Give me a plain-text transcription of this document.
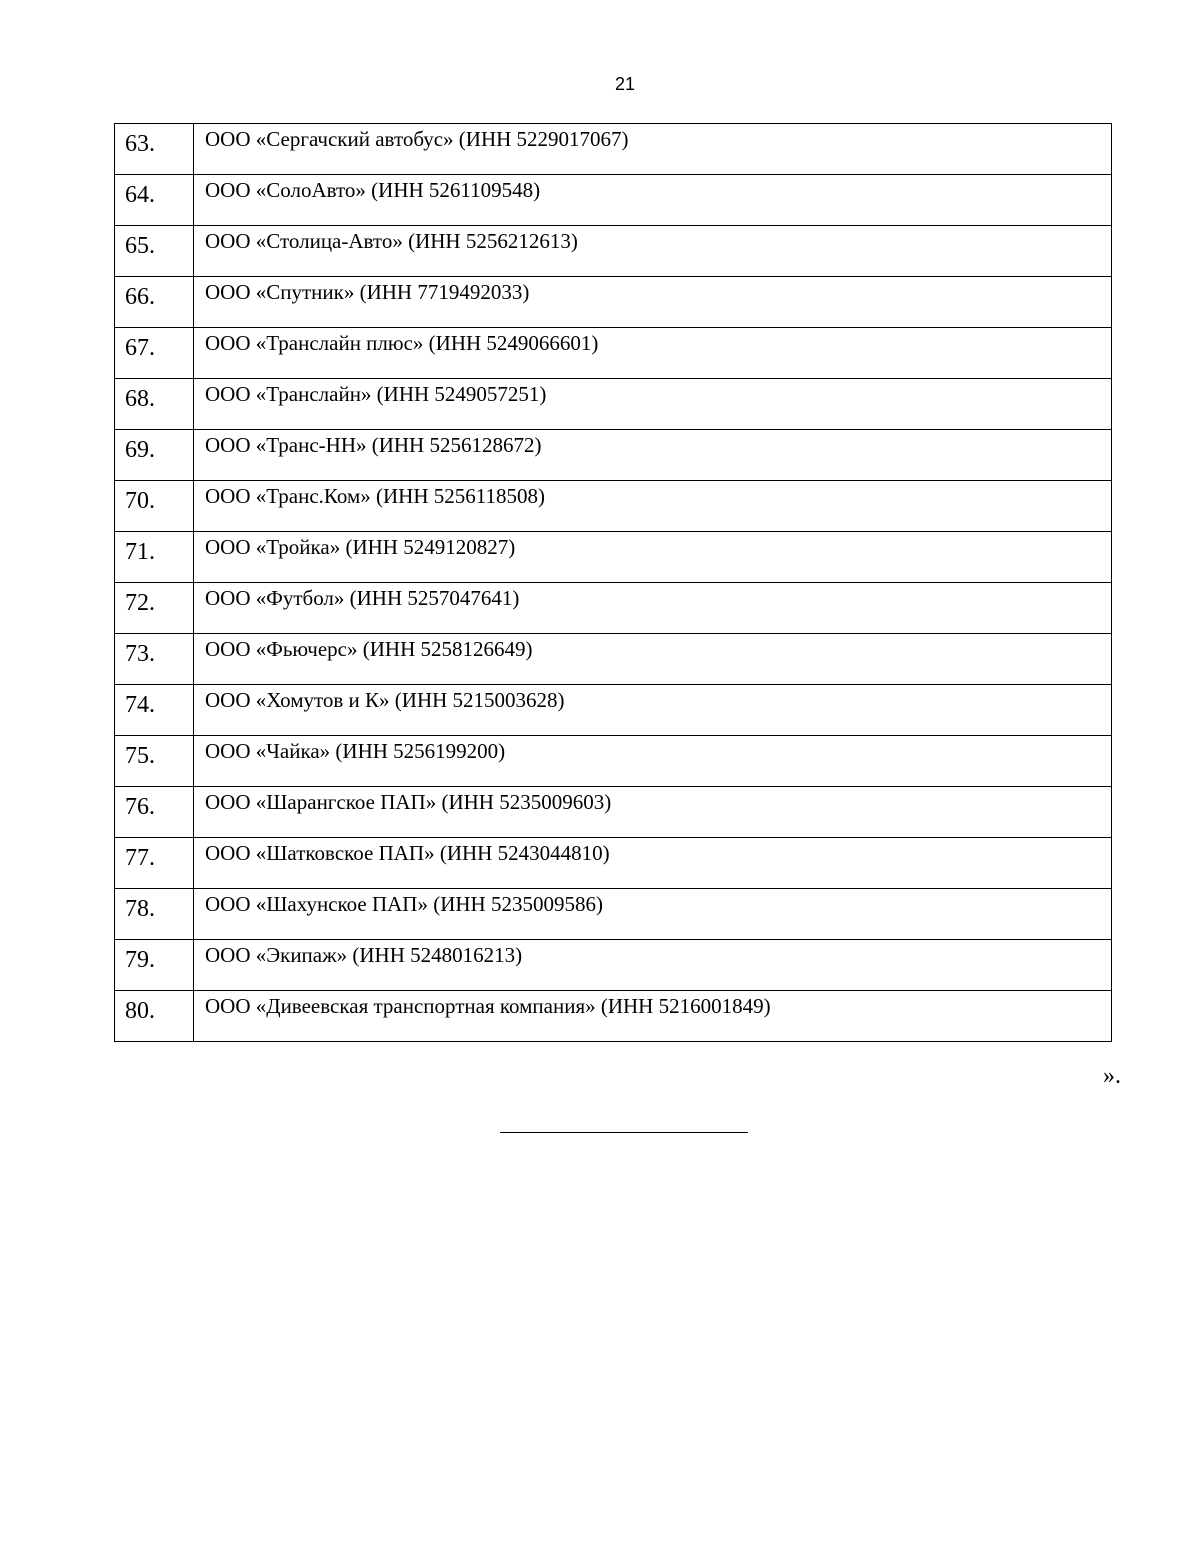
21
63.	ООО «Сергачский автобус» (ИНН 5229017067)
64.	ООО «СолоАвто» (ИНН 5261109548)
65.	ООО «Столица-Авто» (ИНН 5256212613)
66.	ООО «Спутник» (ИНН 7719492033)
67.	ООО «Транслайн плюс» (ИНН 5249066601)
68.	ООО «Транслайн» (ИНН 5249057251)
69.	ООО «Транс-НН» (ИНН 5256128672)
70.	ООО «Транс.Ком» (ИНН 5256118508)
71.	ООО «Тройка» (ИНН 5249120827)
72.	ООО «Футбол» (ИНН 5257047641)
73.	ООО «Фьючерс» (ИНН 5258126649)
74.	ООО «Хомутов и К» (ИНН 5215003628)
75.	ООО «Чайка» (ИНН 5256199200)
76.	ООО «Шарангское ПАП» (ИНН 5235009603)
77.	ООО «Шатковское ПАП» (ИНН 5243044810)
78.	ООО «Шахунское ПАП» (ИНН 5235009586)
79.	ООО «Экипаж» (ИНН 5248016213)
80.	ООО «Дивеевская транспортная компания» (ИНН 5216001849)
».
